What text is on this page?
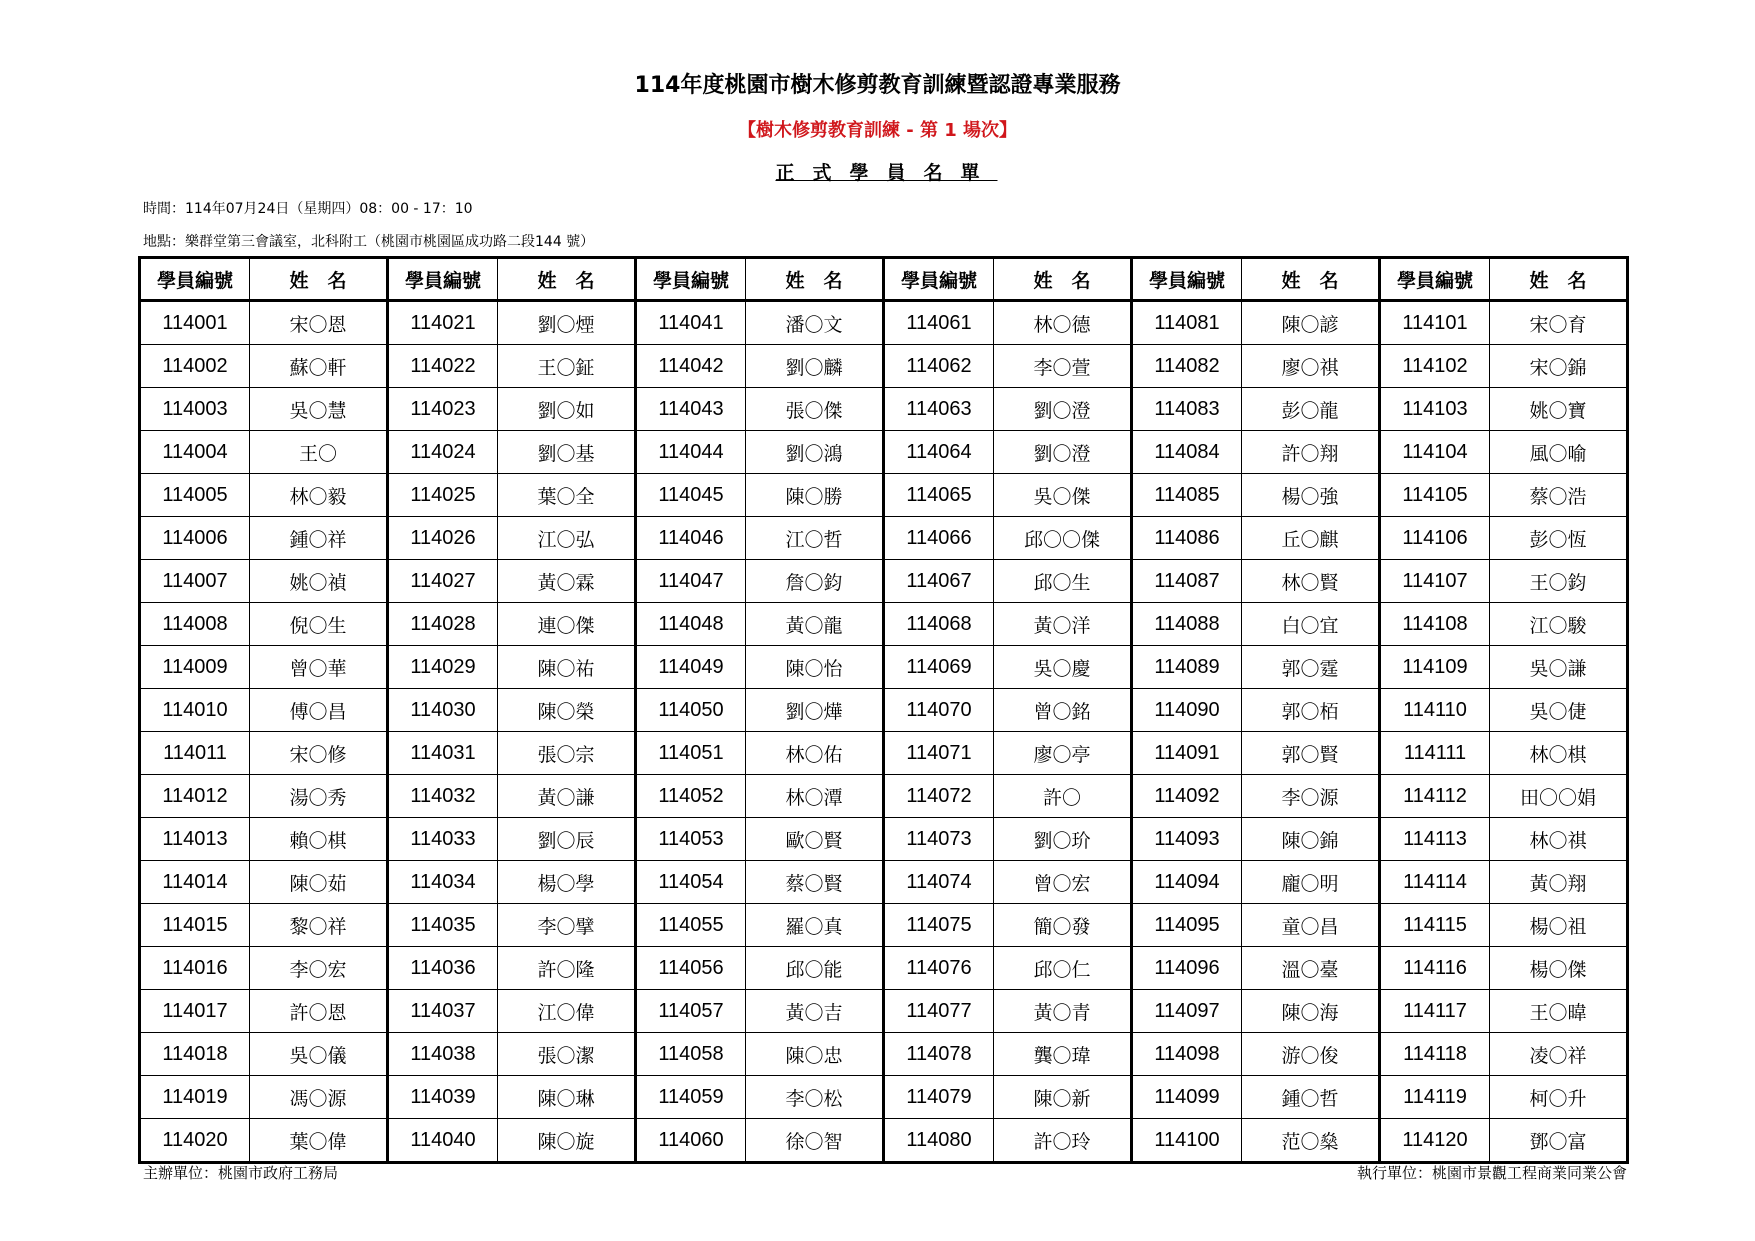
114年度桃園市樹木修剪教育訓練暨認證專業服務
【樹木修剪教育訓練 - 第 1 場次】
正式學員名單
時間：114年07月24日（星期四）08：00 - 17：10
地點：樂群堂第三會議室，北科附工（桃園市桃園區成功路二段144 號）
學員編號	姓　名	學員編號	姓　名	學員編號	姓　名	學員編號	姓　名	學員編號	姓　名	學員編號	姓　名
114001	宋〇恩	114021	劉〇煙	114041	潘〇文	114061	林〇德	114081	陳〇諺	114101	宋〇育
114002	蘇〇軒	114022	王〇鉦	114042	劉〇麟	114062	李〇萱	114082	廖〇祺	114102	宋〇錦
114003	吳〇慧	114023	劉〇如	114043	張〇傑	114063	劉〇澄	114083	彭〇龍	114103	姚〇寶
114004	王〇	114024	劉〇基	114044	劉〇鴻	114064	劉〇澄	114084	許〇翔	114104	風〇喻
114005	林〇毅	114025	葉〇全	114045	陳〇勝	114065	吳〇傑	114085	楊〇強	114105	蔡〇浩
114006	鍾〇祥	114026	江〇弘	114046	江〇哲	114066	邱〇〇傑	114086	丘〇麒	114106	彭〇恆
114007	姚〇禎	114027	黃〇霖	114047	詹〇鈞	114067	邱〇生	114087	林〇賢	114107	王〇鈞
114008	倪〇生	114028	連〇傑	114048	黃〇龍	114068	黃〇洋	114088	白〇宜	114108	江〇駿
114009	曾〇華	114029	陳〇祐	114049	陳〇怡	114069	吳〇慶	114089	郭〇霆	114109	吳〇謙
114010	傅〇昌	114030	陳〇榮	114050	劉〇燁	114070	曾〇銘	114090	郭〇栢	114110	吳〇倢
114011	宋〇修	114031	張〇宗	114051	林〇佑	114071	廖〇亭	114091	郭〇賢	114111	林〇棋
114012	湯〇秀	114032	黃〇謙	114052	林〇潭	114072	許〇	114092	李〇源	114112	田〇〇娟
114013	賴〇棋	114033	劉〇辰	114053	歐〇賢	114073	劉〇玠	114093	陳〇錦	114113	林〇祺
114014	陳〇茹	114034	楊〇學	114054	蔡〇賢	114074	曾〇宏	114094	龐〇明	114114	黃〇翔
114015	黎〇祥	114035	李〇擘	114055	羅〇真	114075	簡〇發	114095	童〇昌	114115	楊〇祖
114016	李〇宏	114036	許〇隆	114056	邱〇能	114076	邱〇仁	114096	溫〇臺	114116	楊〇傑
114017	許〇恩	114037	江〇偉	114057	黃〇吉	114077	黃〇青	114097	陳〇海	114117	王〇暐
114018	吳〇儀	114038	張〇潔	114058	陳〇忠	114078	龔〇瑋	114098	游〇俊	114118	凌〇祥
114019	馮〇源	114039	陳〇琳	114059	李〇松	114079	陳〇新	114099	鍾〇哲	114119	柯〇升
114020	葉〇偉	114040	陳〇旋	114060	徐〇智	114080	許〇玲	114100	范〇燊	114120	鄧〇富
主辦單位：桃園市政府工務局	執行單位：桃園市景觀工程商業同業公會
